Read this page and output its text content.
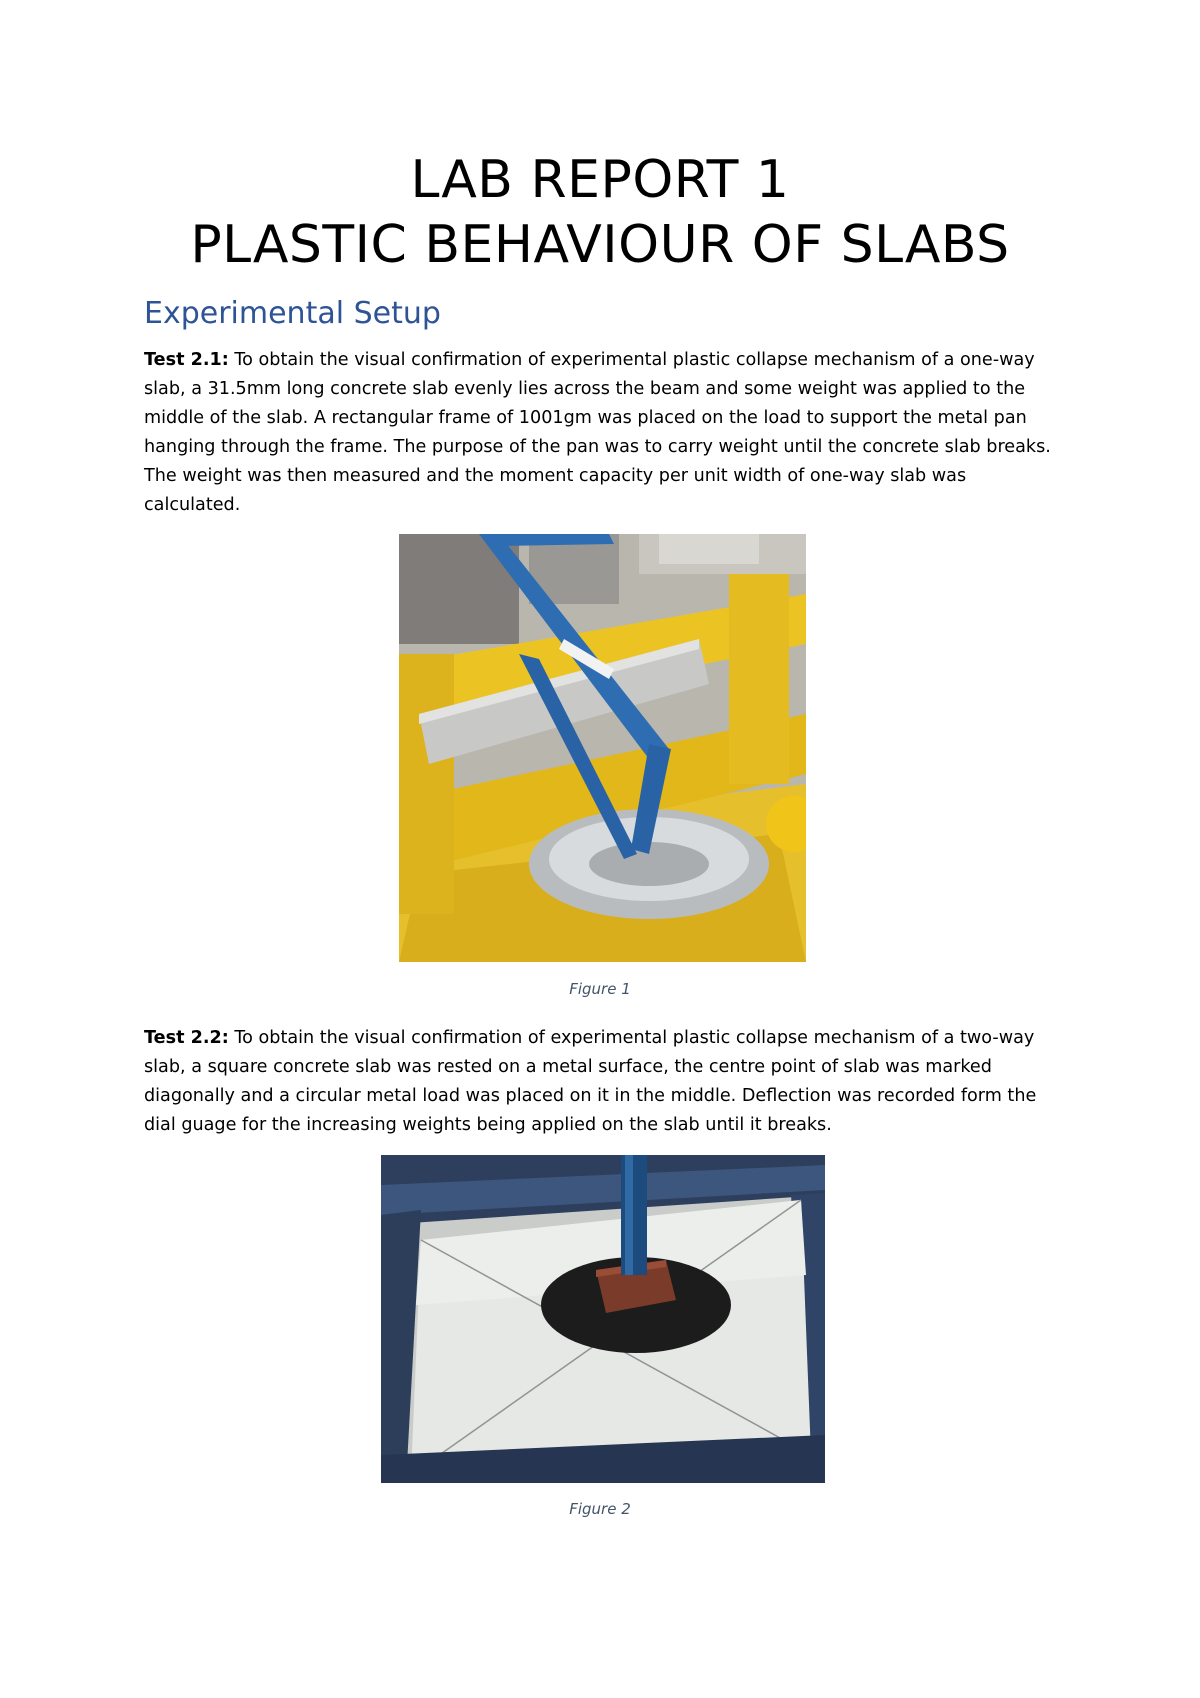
LAB REPORT 1
PLASTIC BEHAVIOUR OF SLABS
Experimental Setup
Test 2.1: To obtain the visual confirmation of experimental plastic collapse mechanism of a one-way slab, a 31.5mm long concrete slab evenly lies across the beam and some weight was applied to the middle of the slab. A rectangular frame of 1001gm was placed on the load to support the metal pan hanging through the frame. The purpose of the pan was to carry weight until the concrete slab breaks. The weight was then measured and the moment capacity per unit width of one-way slab was calculated.
Figure 1
Test 2.2: To obtain the visual confirmation of experimental plastic collapse mechanism of a two-way slab, a square concrete slab was rested on a metal surface, the centre point of slab was marked diagonally and a circular metal load was placed on it in the middle. Deflection was recorded form the dial guage for the increasing weights being applied on the slab until it breaks.
Figure 2
